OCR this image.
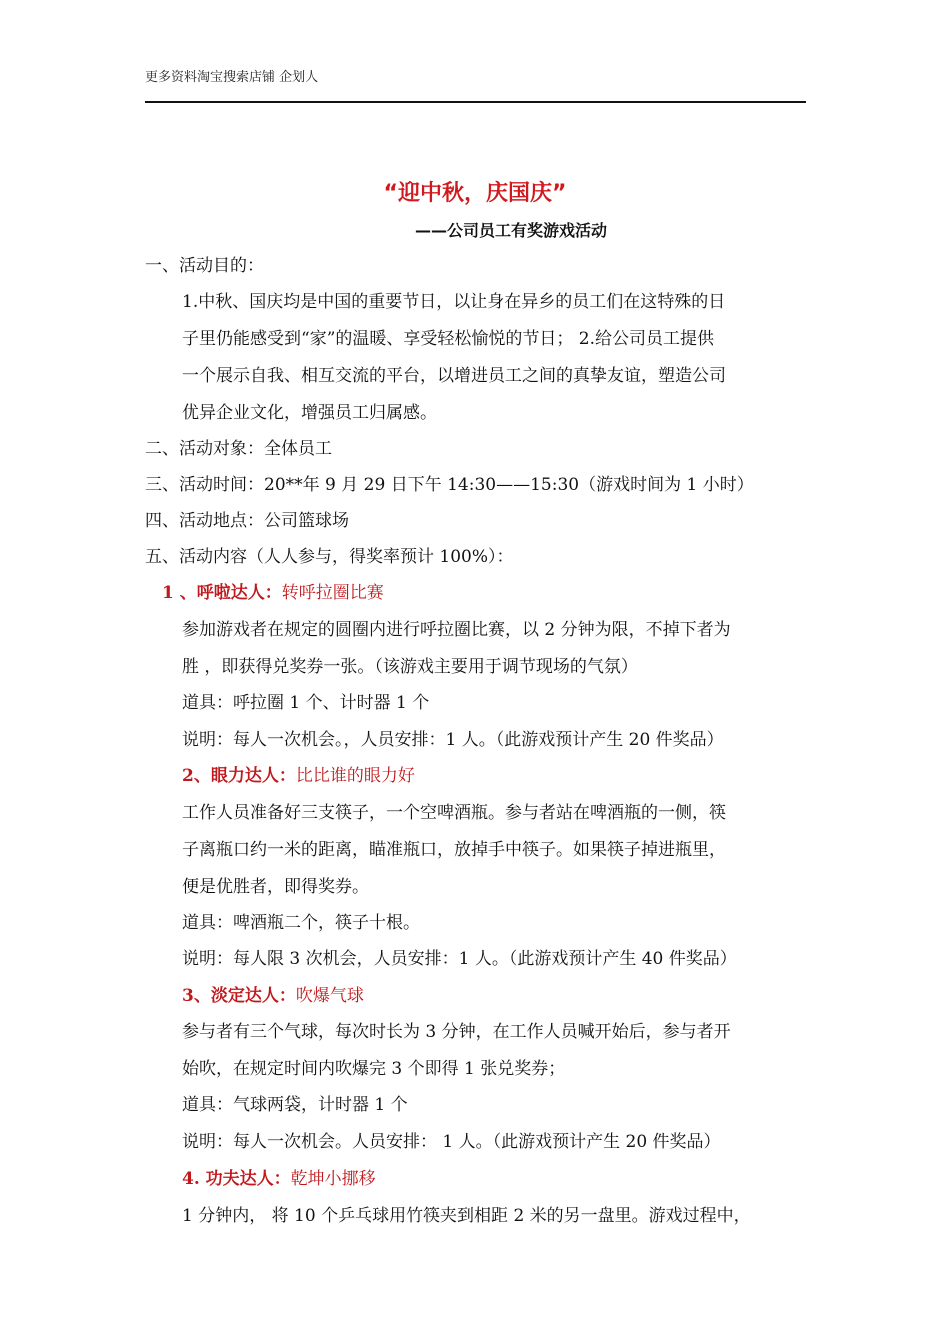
更多资料淘宝搜索店铺 企划人
“迎中秋，庆国庆”
——公司员工有奖游戏活动
一、活动目的：
1.中秋、国庆均是中国的重要节日，以让身在异乡的员工们在这特殊的日
子里仍能感受到“家”的温暖、享受轻松愉悦的节日； 2.给公司员工提供
一个展示自我、相互交流的平台，以增进员工之间的真挚友谊，塑造公司
优异企业文化，增强员工归属感。
二、活动对象：全体员工
三、活动时间：20**年 9 月 29 日下午 14:30——15:30（游戏时间为 1 小时）
四、活动地点：公司篮球场
五、活动内容（人人参与，得奖率预计 100%）：
1 、呼啦达人：转呼拉圈比赛
参加游戏者在规定的圆圈内进行呼拉圈比赛，以 2 分钟为限，不掉下者为
胜 ，即获得兑奖券一张。（该游戏主要用于调节现场的气氛）
道具：呼拉圈 1 个、计时器 1 个
说明：每人一次机会。，人员安排：1 人。（此游戏预计产生 20 件奖品）
2、眼力达人：比比谁的眼力好
工作人员准备好三支筷子，一个空啤酒瓶。参与者站在啤酒瓶的一侧，筷
子离瓶口约一米的距离，瞄准瓶口，放掉手中筷子。如果筷子掉进瓶里，
便是优胜者，即得奖券。
道具：啤酒瓶二个，筷子十根。
说明：每人限 3 次机会，人员安排：1 人。（此游戏预计产生 40 件奖品）
3、淡定达人：吹爆气球
参与者有三个气球，每次时长为 3 分钟，在工作人员喊开始后，参与者开
始吹，在规定时间内吹爆完 3 个即得 1 张兑奖券；
道具：气球两袋，计时器 1 个
说明：每人一次机会。人员安排： 1 人。（此游戏预计产生 20 件奖品）
4. 功夫达人：乾坤小挪移
1 分钟内， 将 10 个乒乓球用竹筷夹到相距 2 米的另一盘里。游戏过程中，
